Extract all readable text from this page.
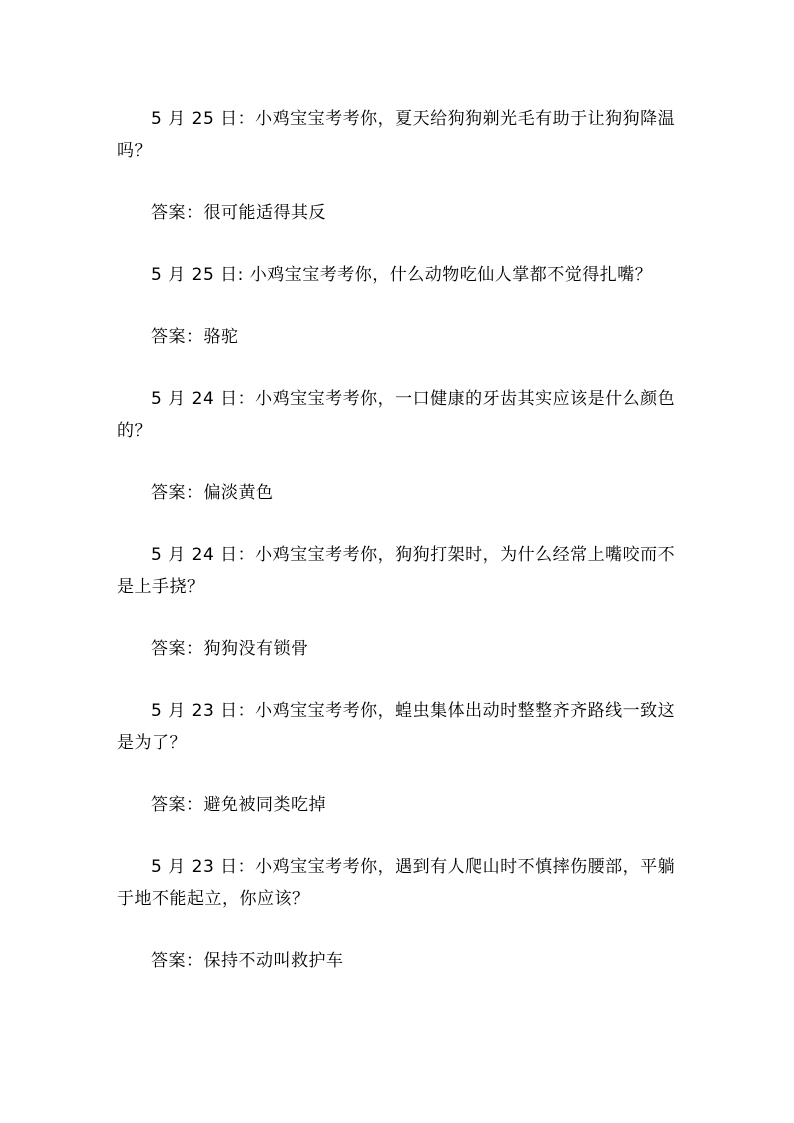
5 月 25 日：小鸡宝宝考考你，夏天给狗狗剃光毛有助于让狗狗降温吗？

答案：很可能适得其反

5 月 25 日: 小鸡宝宝考考你，什么动物吃仙人掌都不觉得扎嘴？

答案：骆驼

5 月 24 日：小鸡宝宝考考你，一口健康的牙齿其实应该是什么颜色的？

答案：偏淡黄色

5 月 24 日：小鸡宝宝考考你，狗狗打架时，为什么经常上嘴咬而不是上手挠？

答案：狗狗没有锁骨

5 月 23 日：小鸡宝宝考考你，蝗虫集体出动时整整齐齐路线一致这是为了？

答案：避免被同类吃掉

5 月 23 日：小鸡宝宝考考你，遇到有人爬山时不慎摔伤腰部，平躺于地不能起立，你应该？

答案：保持不动叫救护车
